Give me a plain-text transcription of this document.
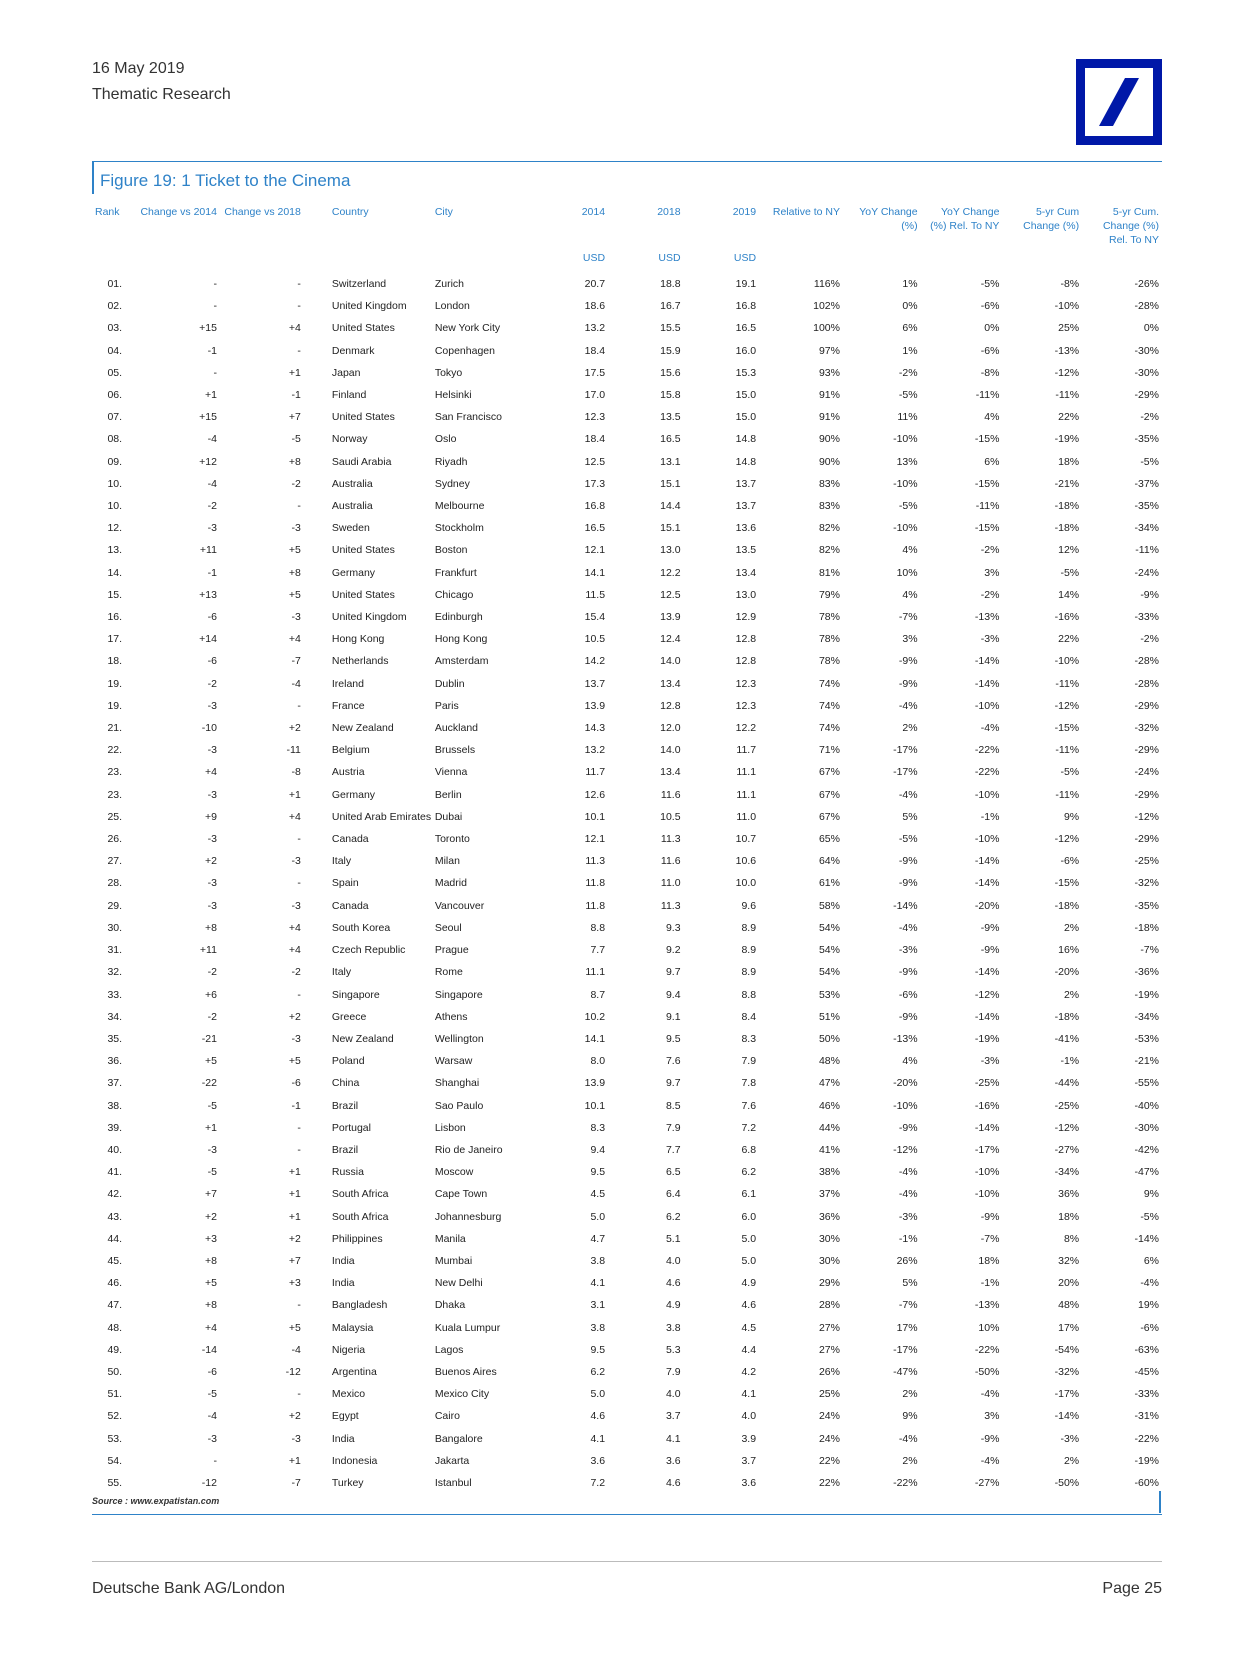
16 May 2019
Thematic Research
Figure 19: 1 Ticket to the Cinema
Rank	Change vs 2014	Change vs 2018	Country	City	2014	2018	2019	Relative to NY	YoY Change (%)	YoY Change (%) Rel. To NY	5-yr Cum Change (%)	5-yr Cum. Change (%) Rel. To NY
					USD	USD	USD					
01.	-	-	Switzerland	Zurich	20.7	18.8	19.1	116%	1%	-5%	-8%	-26%
02.	-	-	United Kingdom	London	18.6	16.7	16.8	102%	0%	-6%	-10%	-28%
03.	+15	+4	United States	New York City	13.2	15.5	16.5	100%	6%	0%	25%	0%
04.	-1	-	Denmark	Copenhagen	18.4	15.9	16.0	97%	1%	-6%	-13%	-30%
05.	-	+1	Japan	Tokyo	17.5	15.6	15.3	93%	-2%	-8%	-12%	-30%
06.	+1	-1	Finland	Helsinki	17.0	15.8	15.0	91%	-5%	-11%	-11%	-29%
07.	+15	+7	United States	San Francisco	12.3	13.5	15.0	91%	11%	4%	22%	-2%
08.	-4	-5	Norway	Oslo	18.4	16.5	14.8	90%	-10%	-15%	-19%	-35%
09.	+12	+8	Saudi Arabia	Riyadh	12.5	13.1	14.8	90%	13%	6%	18%	-5%
10.	-4	-2	Australia	Sydney	17.3	15.1	13.7	83%	-10%	-15%	-21%	-37%
10.	-2	-	Australia	Melbourne	16.8	14.4	13.7	83%	-5%	-11%	-18%	-35%
12.	-3	-3	Sweden	Stockholm	16.5	15.1	13.6	82%	-10%	-15%	-18%	-34%
13.	+11	+5	United States	Boston	12.1	13.0	13.5	82%	4%	-2%	12%	-11%
14.	-1	+8	Germany	Frankfurt	14.1	12.2	13.4	81%	10%	3%	-5%	-24%
15.	+13	+5	United States	Chicago	11.5	12.5	13.0	79%	4%	-2%	14%	-9%
16.	-6	-3	United Kingdom	Edinburgh	15.4	13.9	12.9	78%	-7%	-13%	-16%	-33%
17.	+14	+4	Hong Kong	Hong Kong	10.5	12.4	12.8	78%	3%	-3%	22%	-2%
18.	-6	-7	Netherlands	Amsterdam	14.2	14.0	12.8	78%	-9%	-14%	-10%	-28%
19.	-2	-4	Ireland	Dublin	13.7	13.4	12.3	74%	-9%	-14%	-11%	-28%
19.	-3	-	France	Paris	13.9	12.8	12.3	74%	-4%	-10%	-12%	-29%
21.	-10	+2	New Zealand	Auckland	14.3	12.0	12.2	74%	2%	-4%	-15%	-32%
22.	-3	-11	Belgium	Brussels	13.2	14.0	11.7	71%	-17%	-22%	-11%	-29%
23.	+4	-8	Austria	Vienna	11.7	13.4	11.1	67%	-17%	-22%	-5%	-24%
23.	-3	+1	Germany	Berlin	12.6	11.6	11.1	67%	-4%	-10%	-11%	-29%
25.	+9	+4	United Arab Emirates	Dubai	10.1	10.5	11.0	67%	5%	-1%	9%	-12%
26.	-3	-	Canada	Toronto	12.1	11.3	10.7	65%	-5%	-10%	-12%	-29%
27.	+2	-3	Italy	Milan	11.3	11.6	10.6	64%	-9%	-14%	-6%	-25%
28.	-3	-	Spain	Madrid	11.8	11.0	10.0	61%	-9%	-14%	-15%	-32%
29.	-3	-3	Canada	Vancouver	11.8	11.3	9.6	58%	-14%	-20%	-18%	-35%
30.	+8	+4	South Korea	Seoul	8.8	9.3	8.9	54%	-4%	-9%	2%	-18%
31.	+11	+4	Czech Republic	Prague	7.7	9.2	8.9	54%	-3%	-9%	16%	-7%
32.	-2	-2	Italy	Rome	11.1	9.7	8.9	54%	-9%	-14%	-20%	-36%
33.	+6	-	Singapore	Singapore	8.7	9.4	8.8	53%	-6%	-12%	2%	-19%
34.	-2	+2	Greece	Athens	10.2	9.1	8.4	51%	-9%	-14%	-18%	-34%
35.	-21	-3	New Zealand	Wellington	14.1	9.5	8.3	50%	-13%	-19%	-41%	-53%
36.	+5	+5	Poland	Warsaw	8.0	7.6	7.9	48%	4%	-3%	-1%	-21%
37.	-22	-6	China	Shanghai	13.9	9.7	7.8	47%	-20%	-25%	-44%	-55%
38.	-5	-1	Brazil	Sao Paulo	10.1	8.5	7.6	46%	-10%	-16%	-25%	-40%
39.	+1	-	Portugal	Lisbon	8.3	7.9	7.2	44%	-9%	-14%	-12%	-30%
40.	-3	-	Brazil	Rio de Janeiro	9.4	7.7	6.8	41%	-12%	-17%	-27%	-42%
41.	-5	+1	Russia	Moscow	9.5	6.5	6.2	38%	-4%	-10%	-34%	-47%
42.	+7	+1	South Africa	Cape Town	4.5	6.4	6.1	37%	-4%	-10%	36%	9%
43.	+2	+1	South Africa	Johannesburg	5.0	6.2	6.0	36%	-3%	-9%	18%	-5%
44.	+3	+2	Philippines	Manila	4.7	5.1	5.0	30%	-1%	-7%	8%	-14%
45.	+8	+7	India	Mumbai	3.8	4.0	5.0	30%	26%	18%	32%	6%
46.	+5	+3	India	New Delhi	4.1	4.6	4.9	29%	5%	-1%	20%	-4%
47.	+8	-	Bangladesh	Dhaka	3.1	4.9	4.6	28%	-7%	-13%	48%	19%
48.	+4	+5	Malaysia	Kuala Lumpur	3.8	3.8	4.5	27%	17%	10%	17%	-6%
49.	-14	-4	Nigeria	Lagos	9.5	5.3	4.4	27%	-17%	-22%	-54%	-63%
50.	-6	-12	Argentina	Buenos Aires	6.2	7.9	4.2	26%	-47%	-50%	-32%	-45%
51.	-5	-	Mexico	Mexico City	5.0	4.0	4.1	25%	2%	-4%	-17%	-33%
52.	-4	+2	Egypt	Cairo	4.6	3.7	4.0	24%	9%	3%	-14%	-31%
53.	-3	-3	India	Bangalore	4.1	4.1	3.9	24%	-4%	-9%	-3%	-22%
54.	-	+1	Indonesia	Jakarta	3.6	3.6	3.7	22%	2%	-4%	2%	-19%
55.	-12	-7	Turkey	Istanbul	7.2	4.6	3.6	22%	-22%	-27%	-50%	-60%
Source : www.expatistan.com
Deutsche Bank AG/London	Page 25
